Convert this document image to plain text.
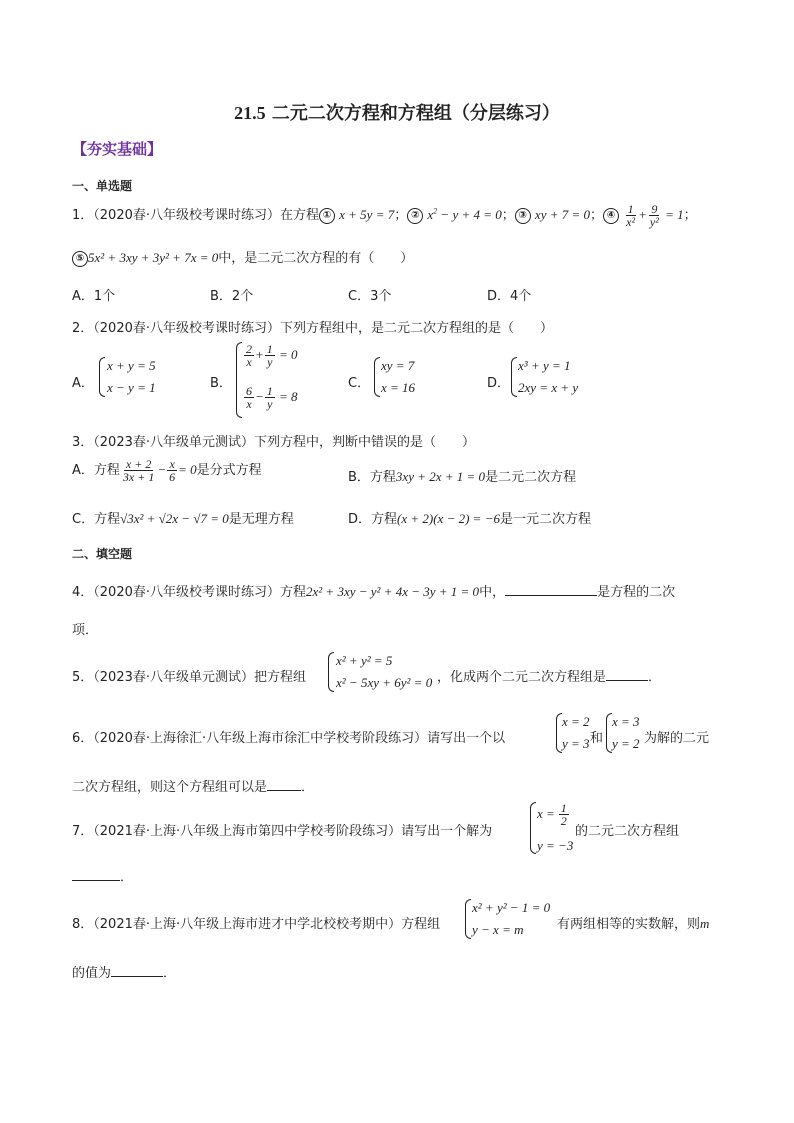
21.5 二元二次方程和方程组（分层练习）
【夯实基础】
一、单选题
1．（2020春·八年级校考课时练习）在方程 ① x + 5y = 7； ② $x^2 - y + 4 = 0$； ③ xy + 7 = 0； ④ $\frac{1}{\text{x²}} + \frac{9}{\text{y²}} = 1$；
⑤ 5x² + 3xy + 3y² + 7x = 0中，是二元二次方程的有（　　）
A．1个	B．2个	C．3个	D．4个
2．（2020春·八年级校考课时练习）下列方程组中，是二元二次方程组的是（　　）
A．
x + y = 5
x − y = 1	B．
$\frac{2}{x} + \frac{1}{y} = 0$
$\frac{6}{x} - \frac{1}{y} = 8$
C．
xy = 7
x = 16	D．
x³ + y = 1
2xy = x + y
3．（2023春·八年级单元测试）下列方程中，判断中错误的是（　　）
A．方程 $\frac{x + 2}{3x + 1} - \frac{x}{6} = 0$是分式方程	B．方程3xy + 2x + 1 = 0是二元二次方程
C．方程√3x² + √2x − √7 = 0是无理方程	D．方程(x + 2)(x − 2) = −6是一元二次方程
二、填空题
4．（2020春·八年级校考课时练习）方程2x² + 3xy − y² + 4x − 3y + 1 = 0中，	是方程的二次
项．
5．（2023春·八年级单元测试）把方程组
x² + y² = 5
x² − 5xy + 6y² = 0 ，化成两个二元二次方程组是	．
6．（2020春·上海徐汇·八年级上海市徐汇中学校考阶段练习）请写出一个以
x = 2
y = 3 和
x = 3
y = 2 为解的二元
二次方程组，则这个方程组可以是	．
7．（2021春·上海·八年级上海市第四中学校考阶段练习）请写出一个解为
$x = \frac{1}{2}$
y = −3
的二元二次方程组
．
8．（2021春·上海·八年级上海市进才中学北校校考期中）方程组
x² + y² − 1 = 0
y − x = m	有两组相等的实数解，则m
的值为	．
